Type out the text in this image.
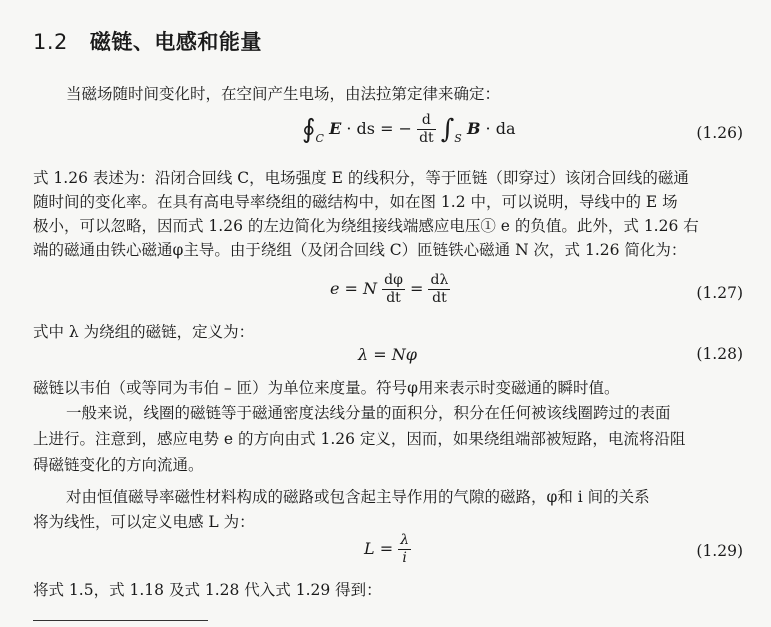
1.2 磁链、电感和能量
当磁场随时间变化时，在空间产生电场，由法拉第定律来确定：
$∮_C$ E · ds = − $\frac{d}{dt} \int_S$ B · da	(1.26)
式 1.26 表述为：沿闭合回线 C，电场强度 E 的线积分，等于匝链（即穿过）该闭合回线的磁通
随时间的变化率。在具有高电导率绕组的磁结构中，如在图 1.2 中，可以说明，导线中的 E 场
极小，可以忽略，因而式 1.26 的左边简化为绕组接线端感应电压① e 的负值。此外，式 1.26 右
端的磁通由铁心磁通φ主导。由于绕组（及闭合回线 C）匝链铁心磁通 N 次，式 1.26 简化为：
e = N $\frac{d\varphi}{dt} = \frac{d\lambda}{dt}$	(1.27)
式中 λ 为绕组的磁链，定义为：
λ = Nφ	(1.28)
磁链以韦伯（或等同为韦伯 – 匝）为单位来度量。符号φ用来表示时变磁通的瞬时值。
一般来说，线圈的磁链等于磁通密度法线分量的面积分，积分在任何被该线圈跨过的表面
上进行。注意到，感应电势 e 的方向由式 1.26 定义，因而，如果绕组端部被短路，电流将沿阻
碍磁链变化的方向流通。
对由恒值磁导率磁性材料构成的磁路或包含起主导作用的气隙的磁路，φ和 i 间的关系
将为线性，可以定义电感 L 为：
$L = \frac{\lambda}{i}$	(1.29)
将式 1.5，式 1.18 及式 1.28 代入式 1.29 得到：
